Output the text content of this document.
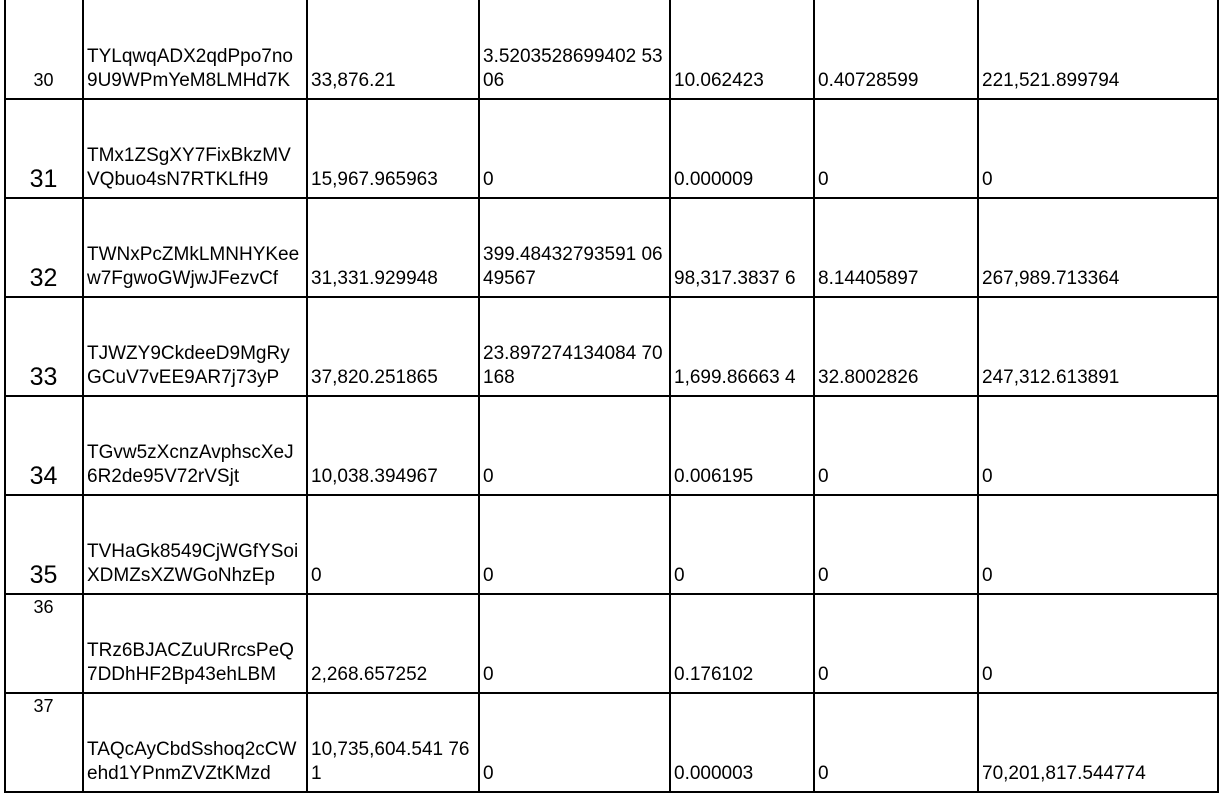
30	TYLqwqADX2qdPpo7no9U9WPmYeM8LMHd7K	33,876.21	3.5203528699402 5306	10.062423	0.40728599	221,521.899794
31	TMx1ZSgXY7FixBkzMVVQbuo4sN7RTKLfH9	15,967.965963	0	0.000009	0	0
32	TWNxPcZMkLMNHYKeew7FgwoGWjwJFezvCf	31,331.929948	399.48432793591 0649567	98,317.3837 6	8.14405897	267,989.713364
33	TJWZY9CkdeeD9MgRyGCuV7vEE9AR7j73yP	37,820.251865	23.897274134084 70168	1,699.86663 4	32.8002826	247,312.613891
34	TGvw5zXcnzAvphscXeJ6R2de95V72rVSjt	10,038.394967	0	0.006195	0	0
35	TVHaGk8549CjWGfYSoiXDMZsXZWGoNhzEp	0	0	0	0	0
36	TRz6BJACZuURrcsPeQ7DDhHF2Bp43ehLBM	2,268.657252	0	0.176102	0	0
37	TAQcAyCbdSshoq2cCWehd1YPnmZVZtKMzd	10,735,604.541 761	0	0.000003	0	70,201,817.544774
